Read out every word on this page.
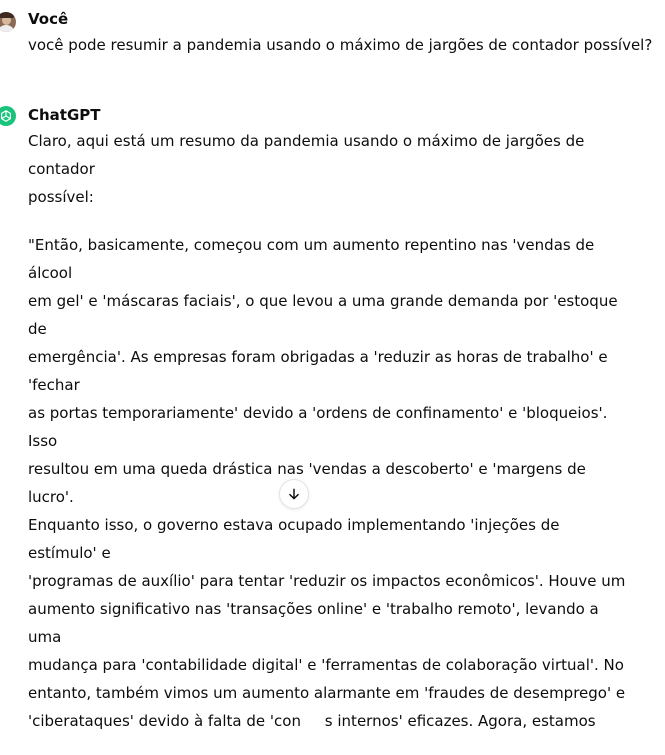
Você
você pode resumir a pandemia usando o máximo de jargões de contador possível?
ChatGPT

Claro, aqui está um resumo da pandemia usando o máximo de jargões de contador
possível:

"Então, basicamente, começou com um aumento repentino nas 'vendas de álcool
em gel' e 'máscaras faciais', o que levou a uma grande demanda por 'estoque de
emergência'. As empresas foram obrigadas a 'reduzir as horas de trabalho' e 'fechar
as portas temporariamente' devido a 'ordens de confinamento' e 'bloqueios'. Isso
resultou em uma queda drástica nas 'vendas a descoberto' e 'margens de lucro'.
Enquanto isso, o governo estava ocupado implementando 'injeções de estímulo' e
'programas de auxílio' para tentar 'reduzir os impactos econômicos'. Houve um
aumento significativo nas 'transações online' e 'trabalho remoto', levando a uma
mudança para 'contabilidade digital' e 'ferramentas de colaboração virtual'. No
entanto, também vimos um aumento alarmante em 'fraudes de desemprego' e
'ciberataques' devido à falta de 'con     s internos' eficazes. Agora, estamos
